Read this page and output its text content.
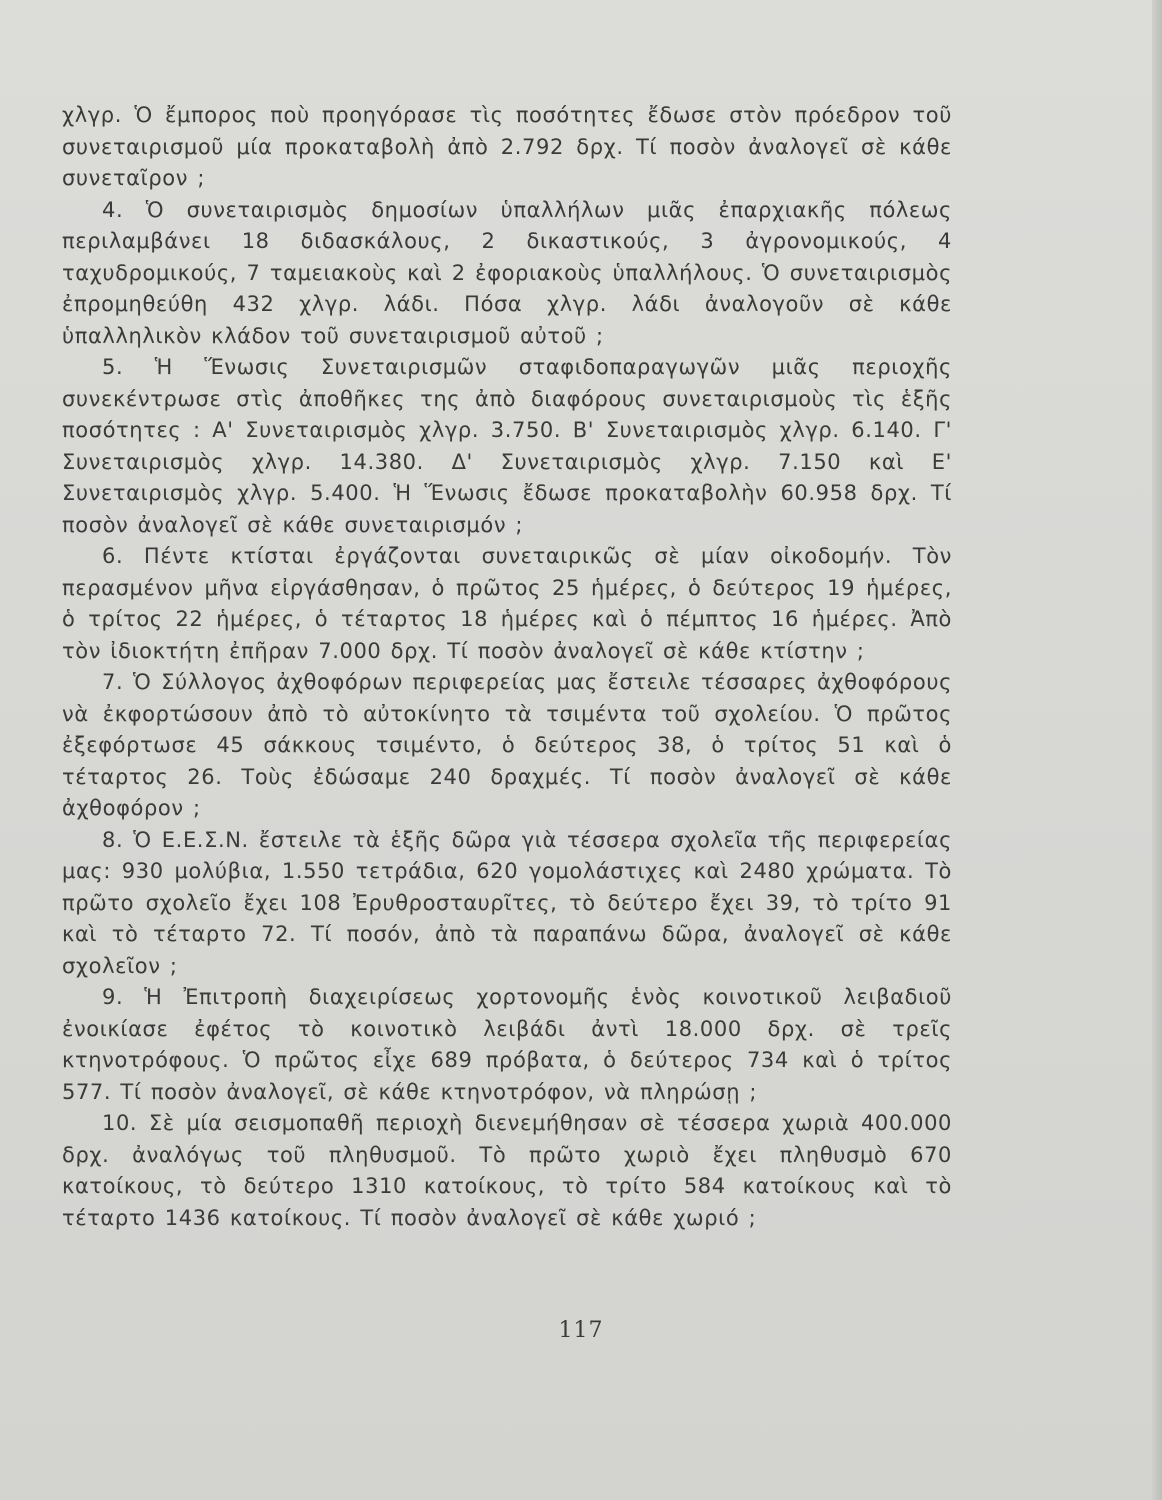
χλγρ. Ὁ ἔμπορος ποὺ προηγόρασε τὶς ποσότητες ἔδωσε στὸν πρόεδρον τοῦ συνεταιρισμοῦ μία προκαταβολὴ ἀπὸ 2.792 δρχ. Τί ποσὸν ἀναλογεῖ σὲ κάθε συνεταῖρον ;

4. Ὁ συνεταιρισμὸς δημοσίων ὑπαλλήλων μιᾶς ἐπαρχιακῆς πόλεως περιλαμβάνει 18 διδασκάλους, 2 δικαστικούς, 3 ἀγρονομικούς, 4 ταχυδρομικούς, 7 ταμειακοὺς καὶ 2 ἐφοριακοὺς ὑπαλλήλους. Ὁ συνεταιρισμὸς ἐπρομηθεύθη 432 χλγρ. λάδι. Πόσα χλγρ. λάδι ἀναλογοῦν σὲ κάθε ὑπαλληλικὸν κλάδον τοῦ συνεταιρισμοῦ αὐτοῦ ;

5. Ἡ Ἕνωσις Συνεταιρισμῶν σταφιδοπαραγωγῶν μιᾶς περιοχῆς συνεκέντρωσε στὶς ἀποθῆκες της ἀπὸ διαφόρους συνεταιρισμοὺς τὶς ἑξῆς ποσότητες : Α' Συνεταιρισμὸς χλγρ. 3.750. Β' Συνεταιρισμὸς χλγρ. 6.140. Γ' Συνεταιρισμὸς χλγρ. 14.380. Δ' Συνεταιρισμὸς χλγρ. 7.150 καὶ Ε' Συνεταιρισμὸς χλγρ. 5.400. Ἡ Ἕνωσις ἔδωσε προκαταβολὴν 60.958 δρχ. Τί ποσὸν ἀναλογεῖ σὲ κάθε συνεταιρισμόν ;

6. Πέντε κτίσται ἐργάζονται συνεταιρικῶς σὲ μίαν οἰκοδομήν. Τὸν περασμένον μῆνα εἰργάσθησαν, ὁ πρῶτος 25 ἡμέρες, ὁ δεύτερος 19 ἡμέρες, ὁ τρίτος 22 ἡμέρες, ὁ τέταρτος 18 ἡμέρες καὶ ὁ πέμπτος 16 ἡμέρες. Ἀπὸ τὸν ἰδιοκτήτη ἐπῆραν 7.000 δρχ. Τί ποσὸν ἀναλογεῖ σὲ κάθε κτίστην ;

7. Ὁ Σύλλογος ἀχθοφόρων περιφερείας μας ἔστειλε τέσσαρες ἀχθοφόρους νὰ ἐκφορτώσουν ἀπὸ τὸ αὐτοκίνητο τὰ τσιμέντα τοῦ σχολείου. Ὁ πρῶτος ἐξεφόρτωσε 45 σάκκους τσιμέντο, ὁ δεύτερος 38, ὁ τρίτος 51 καὶ ὁ τέταρτος 26. Τοὺς ἐδώσαμε 240 δραχμές. Τί ποσὸν ἀναλογεῖ σὲ κάθε ἀχθοφόρον ;

8. Ὁ Ε.Ε.Σ.Ν. ἔστειλε τὰ ἑξῆς δῶρα γιὰ τέσσερα σχολεῖα τῆς περιφερείας μας: 930 μολύβια, 1.550 τετράδια, 620 γομολάστιχες καὶ 2480 χρώματα. Τὸ πρῶτο σχολεῖο ἔχει 108 Ἐρυθροσταυρῖτες, τὸ δεύτερο ἔχει 39, τὸ τρίτο 91 καὶ τὸ τέταρτο 72. Τί ποσόν, ἀπὸ τὰ παραπάνω δῶρα, ἀναλογεῖ σὲ κάθε σχολεῖον ;

9. Ἡ Ἐπιτροπὴ διαχειρίσεως χορτονομῆς ἑνὸς κοινοτικοῦ λειβαδιοῦ ἐνοικίασε ἐφέτος τὸ κοινοτικὸ λειβάδι ἀντὶ 18.000 δρχ. σὲ τρεῖς κτηνοτρόφους. Ὁ πρῶτος εἶχε 689 πρόβατα, ὁ δεύτερος 734 καὶ ὁ τρίτος 577. Τί ποσὸν ἀναλογεῖ, σὲ κάθε κτηνοτρόφον, νὰ πληρώσῃ ;

10. Σὲ μία σεισμοπαθῆ περιοχὴ διενεμήθησαν σὲ τέσσερα χωριὰ 400.000 δρχ. ἀναλόγως τοῦ πληθυσμοῦ. Τὸ πρῶτο χωριὸ ἔχει πληθυσμὸ 670 κατοίκους, τὸ δεύτερο 1310 κατοίκους, τὸ τρίτο 584 κατοίκους καὶ τὸ τέταρτο 1436 κατοίκους. Τί ποσὸν ἀναλογεῖ σὲ κάθε χωριό ;

117
